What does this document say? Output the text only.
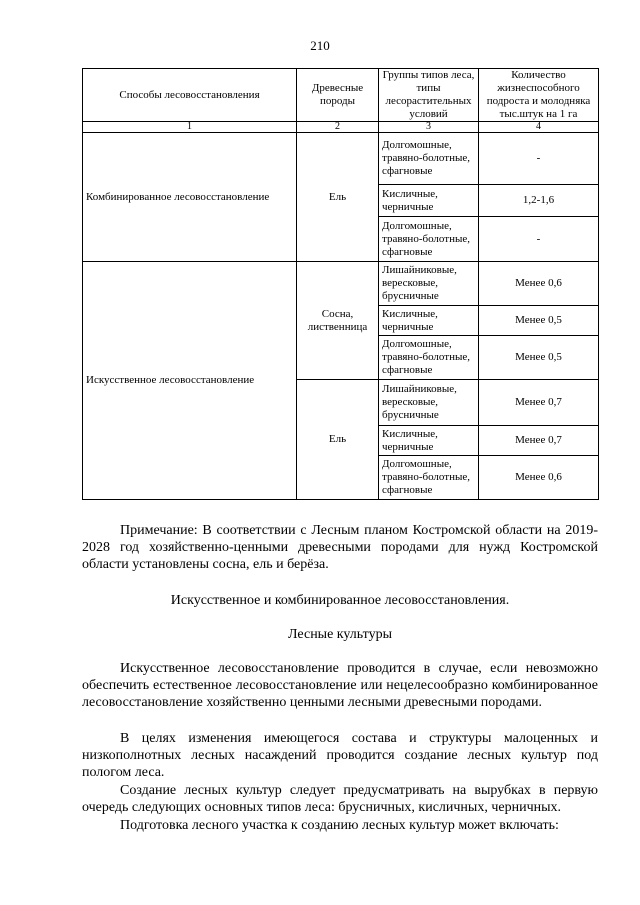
210
Способы лесовосстановления	Древесные породы	Группы типов леса, типы лесорастительных условий	Количество жизнеспособного подроста и молодняка тыс.штук на 1 га
1	2	3	4
Комбинированное лесовосстановление	Ель	Долгомошные, травяно-болотные, сфагновые	-
		Кисличные, черничные	1,2-1,6
		Долгомошные, травяно-болотные, сфагновые	-
Искусственное лесовосстановление	Сосна, лиственница	Лишайниковые, вересковые, брусничные	Менее 0,6
		Кисличные, черничные	Менее 0,5
		Долгомошные, травяно-болотные, сфагновые	Менее 0,5
	Ель	Лишайниковые, вересковые, брусничные	Менее 0,7
		Кисличные, черничные	Менее 0,7
		Долгомошные, травяно-болотные, сфагновые	Менее 0,6

Примечание: В соответствии с Лесным планом Костромской области на 2019-2028 год хозяйственно-ценными древесными породами для нужд Костромской области установлены сосна, ель и берёза.

Искусственное и комбинированное лесовосстановления.

Лесные культуры

Искусственное лесовосстановление проводится в случае, если невозможно обеспечить естественное лесовосстановление или нецелесообразно комбинированное лесовосстановление хозяйственно ценными лесными древесными породами.

В целях изменения имеющегося состава и структуры малоценных и низкополнотных лесных насаждений проводится создание лесных культур под пологом леса.

Создание лесных культур следует предусматривать на вырубках в первую очередь следующих основных типов леса: брусничных, кисличных, черничных.

Подготовка лесного участка к созданию лесных культур может включать:
